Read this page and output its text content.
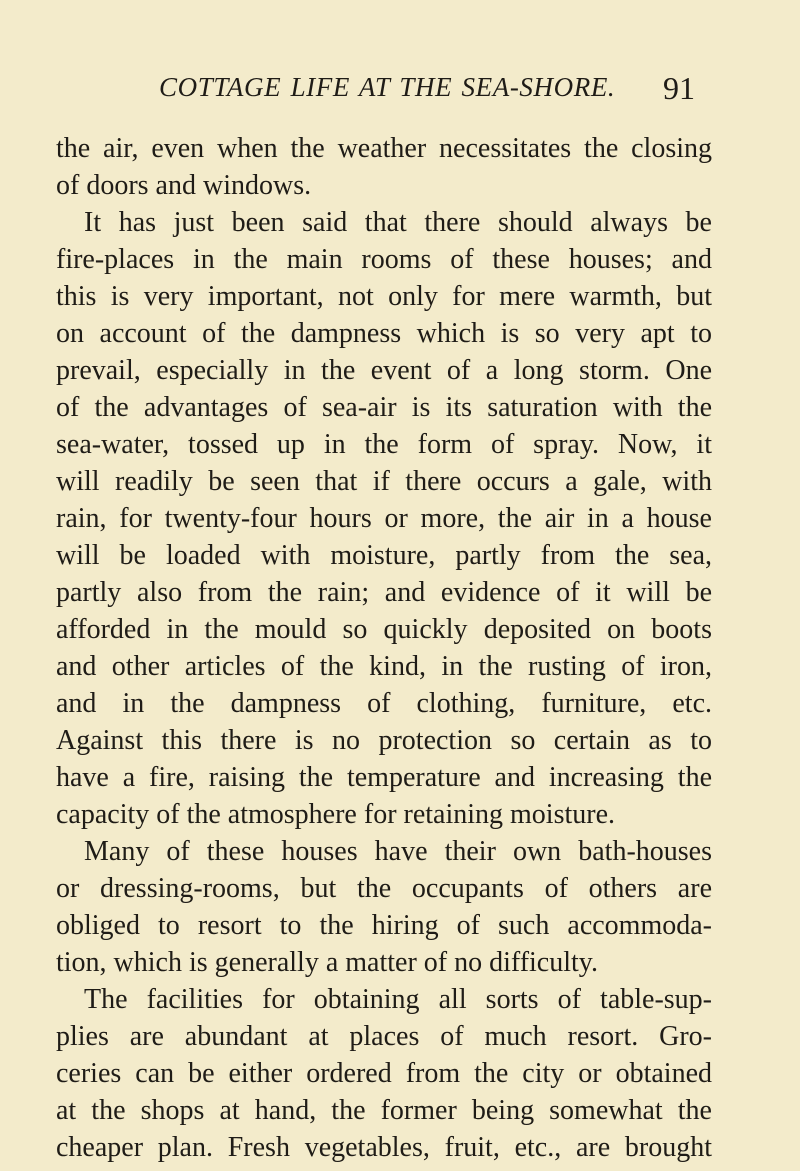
COTTAGE LIFE AT THE SEA-SHORE. 91
the air, even when the weather necessitates the closing
of doors and windows.
It has just been said that there should always be
fire-places in the main rooms of these houses; and
this is very important, not only for mere warmth, but
on account of the dampness which is so very apt to
prevail, especially in the event of a long storm. One
of the advantages of sea-air is its saturation with the
sea-water, tossed up in the form of spray. Now, it
will readily be seen that if there occurs a gale, with
rain, for twenty-four hours or more, the air in a house
will be loaded with moisture, partly from the sea,
partly also from the rain; and evidence of it will be
afforded in the mould so quickly deposited on boots
and other articles of the kind, in the rusting of iron,
and in the dampness of clothing, furniture, etc.
Against this there is no protection so certain as to
have a fire, raising the temperature and increasing the
capacity of the atmosphere for retaining moisture.
Many of these houses have their own bath-houses
or dressing-rooms, but the occupants of others are
obliged to resort to the hiring of such accommoda-
tion, which is generally a matter of no difficulty.
The facilities for obtaining all sorts of table-sup-
plies are abundant at places of much resort. Gro-
ceries can be either ordered from the city or obtained
at the shops at hand, the former being somewhat the
cheaper plan. Fresh vegetables, fruit, etc., are brought
